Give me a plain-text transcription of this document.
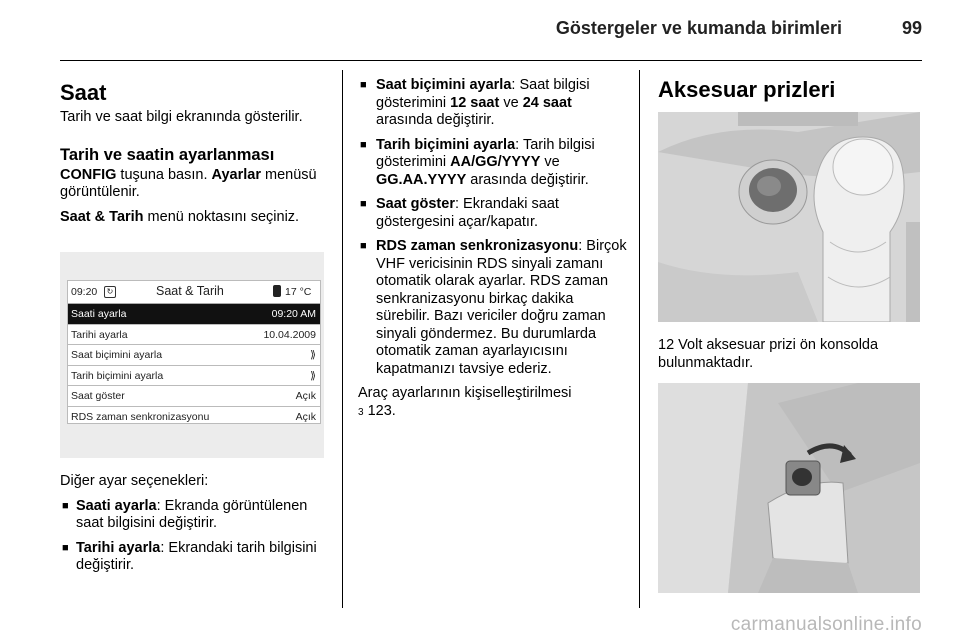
Göstergeler ve kumanda birimleri	99
Saat

Tarih ve saat bilgi ekranında gösterilir.

Tarih ve saatin ayarlanması

CONFIG tuşuna basın. Ayarlar menüsü görüntülenir.

Saat & Tarih menü noktasını seçiniz.

09:20	↻	Saat & Tarih	17 °C
Saati ayarla	09:20 AM
Tarihi ayarla	10.04.2009
Saat biçimini ayarla	⟫
Tarih biçimini ayarla	⟫
Saat göster	Açık
RDS zaman senkronizasyonu	Açık

Diğer ayar seçenekleri:

■ Saati ayarla: Ekranda görüntülenen saat bilgisini değiştirir.
■ Tarihi ayarla: Ekrandaki tarih bilgisini değiştirir.
■ Saat biçimini ayarla: Saat bilgisi gösterimini 12 saat ve 24 saat arasında değiştirir.
■ Tarih biçimini ayarla: Tarih bilgisi gösterimini AA/GG/YYYY ve GG.AA.YYYY arasında değiştirir.
■ Saat göster: Ekrandaki saat göstergesini açar/kapatır.
■ RDS zaman senkronizasyonu: Birçok VHF vericisinin RDS sinyali zamanı otomatik olarak ayarlar. RDS zaman senkranizasyonu birkaç dakika sürebilir. Bazı vericiler doğru zaman sinyali göndermez. Bu durumlarda otomatik zaman ayarlayıcısını kapatmanızı tavsiye ederiz.

Araç ayarlarının kişiselleştirilmesi
3 123.

Aksesuar prizleri

12 Volt aksesuar prizi ön konsolda bulunmaktadır.

carmanualsonline.info
